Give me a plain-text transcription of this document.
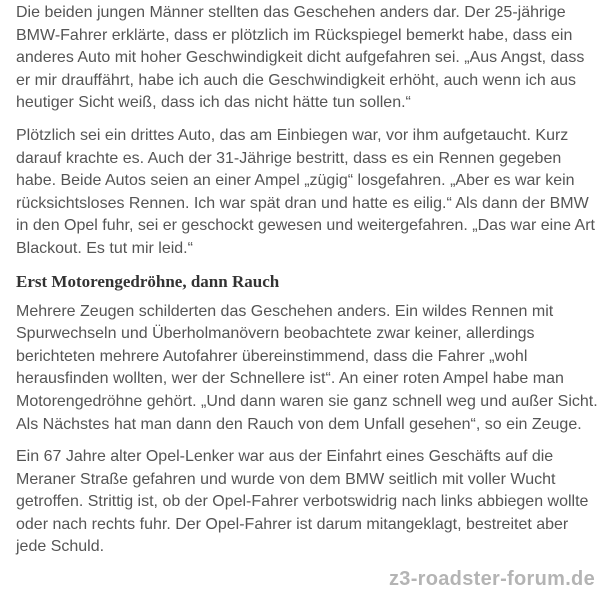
Die beiden jungen Männer stellten das Geschehen anders dar. Der 25-jährige BMW-Fahrer erklärte, dass er plötzlich im Rückspiegel bemerkt habe, dass ein anderes Auto mit hoher Geschwindigkeit dicht aufgefahren sei. „Aus Angst, dass er mir drauffährt, habe ich auch die Geschwindigkeit erhöht, auch wenn ich aus heutiger Sicht weiß, dass ich das nicht hätte tun sollen.“

Plötzlich sei ein drittes Auto, das am Einbiegen war, vor ihm aufgetaucht. Kurz darauf krachte es. Auch der 31-Jährige bestritt, dass es ein Rennen gegeben habe. Beide Autos seien an einer Ampel „zügig“ losgefahren. „Aber es war kein rücksichtsloses Rennen. Ich war spät dran und hatte es eilig.“ Als dann der BMW in den Opel fuhr, sei er geschockt gewesen und weitergefahren. „Das war eine Art Blackout. Es tut mir leid.“

Erst Motorengedröhne, dann Rauch

Mehrere Zeugen schilderten das Geschehen anders. Ein wildes Rennen mit Spurwechseln und Überholmanövern beobachtete zwar keiner, allerdings berichteten mehrere Autofahrer übereinstimmend, dass die Fahrer „wohl herausfinden wollten, wer der Schnellere ist“. An einer roten Ampel habe man Motorengedröhne gehört. „Und dann waren sie ganz schnell weg und außer Sicht. Als Nächstes hat man dann den Rauch von dem Unfall gesehen“, so ein Zeuge.

Ein 67 Jahre alter Opel-Lenker war aus der Einfahrt eines Geschäfts auf die Meraner Straße gefahren und wurde von dem BMW seitlich mit voller Wucht getroffen. Strittig ist, ob der Opel-Fahrer verbotswidrig nach links abbiegen wollte oder nach rechts fuhr. Der Opel-Fahrer ist darum mitangeklagt, bestreitet aber jede Schuld.

z3-roadster-forum.de
